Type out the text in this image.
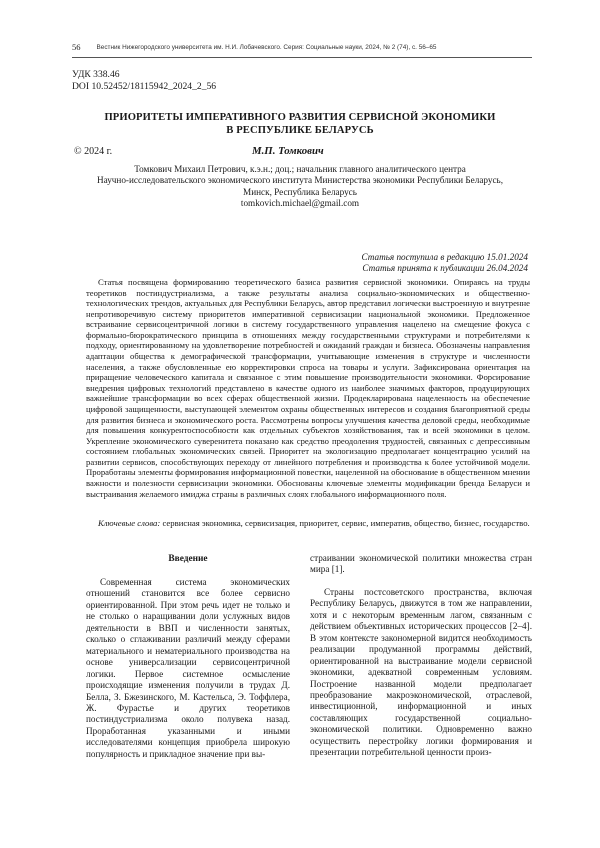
56	Вестник Нижегородского университета им. Н.И. Лобачевского. Серия: Социальные науки, 2024, № 2 (74), с. 56–65
УДК 338.46
DOI 10.52452/18115942_2024_2_56
ПРИОРИТЕТЫ ИМПЕРАТИВНОГО РАЗВИТИЯ СЕРВИСНОЙ ЭКОНОМИКИ
В РЕСПУБЛИКЕ БЕЛАРУСЬ
© 2024 г.	М.П. Томкович
Томкович Михаил Петрович, к.э.н.; доц.; начальник главного аналитического центра
Научно-исследовательского экономического института Министерства экономики Республики Беларусь,
Минск, Республика Беларусь
tomkovich.michael@gmail.com
Статья поступила в редакцию 15.01.2024
Статья принята к публикации 26.04.2024

Статья посвящена формированию теоретического базиса развития сервисной экономики. Опираясь на труды теоретиков постиндустриализма, а также результаты анализа социально-экономических и общественно-технологических трендов, актуальных для Республики Беларусь, автор представил логически выстроенную и внутренне непротиворечивую систему приоритетов императивной сервисизации национальной экономики. Предложенное встраивание сервисоцентричной логики в систему государственного управления нацелено на смещение фокуса с формально-бюрократического принципа в отношениях между государственными структурами и потребителями к подходу, ориентированному на удовлетворение потребностей и ожиданий граждан и бизнеса. Обозначены направления адаптации общества к демографической трансформации, учитывающие изменения в структуре и численности населения, а также обусловленные ею корректировки спроса на товары и услуги. Зафиксирована ориентация на приращение человеческого капитала и связанное с этим повышение производительности экономики. Форсирование внедрения цифровых технологий представлено в качестве одного из наиболее значимых факторов, продуцирующих важнейшие трансформации во всех сферах общественной жизни. Продекларирована нацеленность на обеспечение цифровой защищенности, выступающей элементом охраны общественных интересов и создания благоприятной среды для развития бизнеса и экономического роста. Рассмотрены вопросы улучшения качества деловой среды, необходимые для повышения конкурентоспособности как отдельных субъектов хозяйствования, так и всей экономики в целом. Укрепление экономического суверенитета показано как средство преодоления трудностей, связанных с депрессивным состоянием глобальных экономических связей. Приоритет на экологизацию предполагает концентрацию усилий на развитии сервисов, способствующих переходу от линейного потребления и производства к более устойчивой модели. Проработаны элементы формирования информационной повестки, нацеленной на обоснование в общественном мнении важности и полезности сервисизации экономики. Обоснованы ключевые элементы модификации бренда Беларуси и выстраивания желаемого имиджа страны в различных слоях глобального информационного поля.

Ключевые слова: сервисная экономика, сервисизация, приоритет, сервис, императив, общество, бизнес, государство.

Введение

Современная система экономических отношений становится все более сервисно ориентированной. При этом речь идет не только и не столько о наращивании доли услужных видов деятельности в ВВП и численности занятых, сколько о сглаживании различий между сферами материального и нематериального производства на основе универсализации сервисоцентричной логики. Первое системное осмысление происходящие изменения получили в трудах Д. Белла, З. Бжезинского, М. Кастельса, Э. Тоффлера, Ж. Фурастье и других теоретиков постиндустриализма около полувека назад. Проработанная указанными и иными исследователями концепция приобрела широкую популярность и прикладное значение при вы-

страивании экономической политики множества стран мира [1].

Страны постсоветского пространства, включая Республику Беларусь, движутся в том же направлении, хотя и с некоторым временным лагом, связанным с действием объективных исторических процессов [2–4]. В этом контексте закономерной видится необходимость реализации продуманной программы действий, ориентированной на выстраивание модели сервисной экономики, адекватной современным условиям. Построение названной модели предполагает преобразование макроэкономической, отраслевой, инвестиционной, информационной и иных составляющих государственной социально-экономической политики. Одновременно важно осуществить перестройку логики формирования и презентации потребительной ценности произ-
